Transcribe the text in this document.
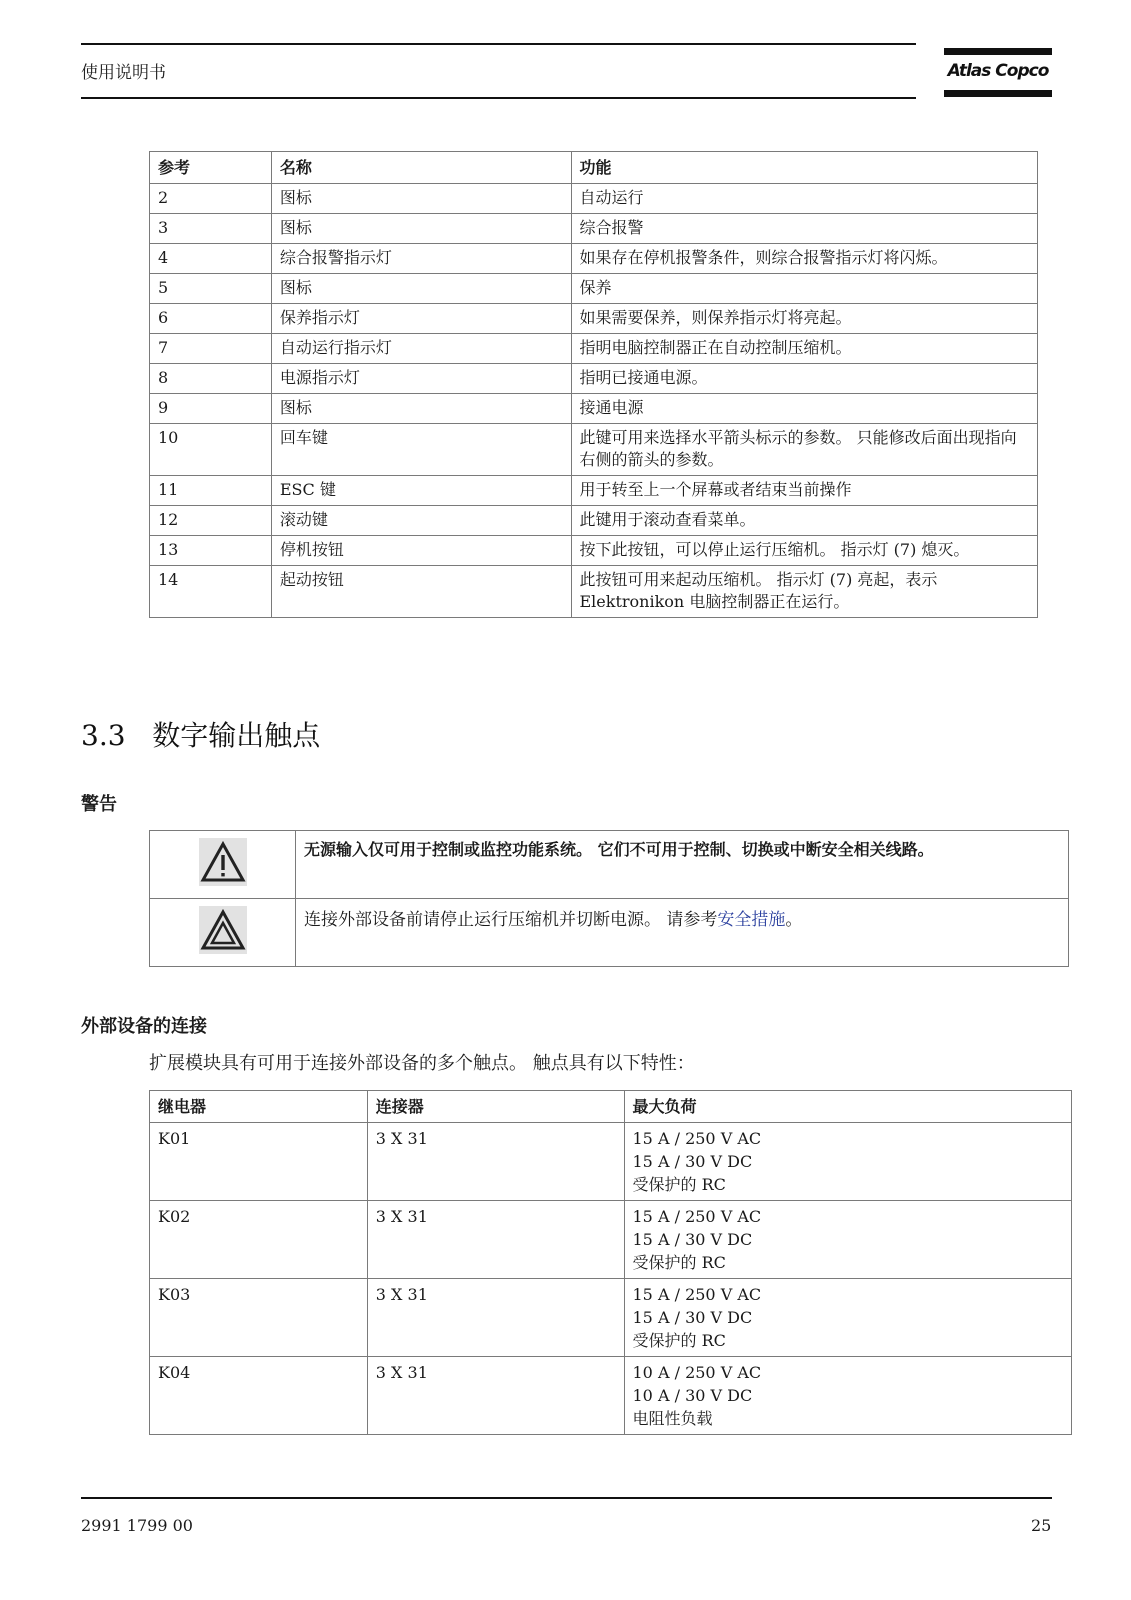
使用说明书	Atlas Copco
参考	名称	功能
2	图标	自动运行
3	图标	综合报警
4	综合报警指示灯	如果存在停机报警条件，则综合报警指示灯将闪烁。
5	图标	保养
6	保养指示灯	如果需要保养，则保养指示灯将亮起。
7	自动运行指示灯	指明电脑控制器正在自动控制压缩机。
8	电源指示灯	指明已接通电源。
9	图标	接通电源
10	回车键	此键可用来选择水平箭头标示的参数。 只能修改后面出现指向右侧的箭头的参数。
11	ESC 键	用于转至上一个屏幕或者结束当前操作
12	滚动键	此键用于滚动查看菜单。
13	停机按钮	按下此按钮，可以停止运行压缩机。 指示灯 (7) 熄灭。
14	起动按钮	此按钮可用来起动压缩机。 指示灯 (7) 亮起，表示 Elektronikon 电脑控制器正在运行。
3.3 数字输出触点
警告
	无源输入仅可用于控制或监控功能系统。 它们不可用于控制、切换或中断安全相关线路。
	连接外部设备前请停止运行压缩机并切断电源。 请参考安全措施。
外部设备的连接
扩展模块具有可用于连接外部设备的多个触点。 触点具有以下特性：
继电器	连接器	最大负荷
K01	3 X 31	15 A / 250 V AC
15 A / 30 V DC
受保护的 RC

K02	3 X 31	15 A / 250 V AC
15 A / 30 V DC
受保护的 RC

K03	3 X 31	15 A / 250 V AC
15 A / 30 V DC
受保护的 RC

K04	3 X 31	10 A / 250 V AC
10 A / 30 V DC
电阻性负载
2991 1799 00	25
